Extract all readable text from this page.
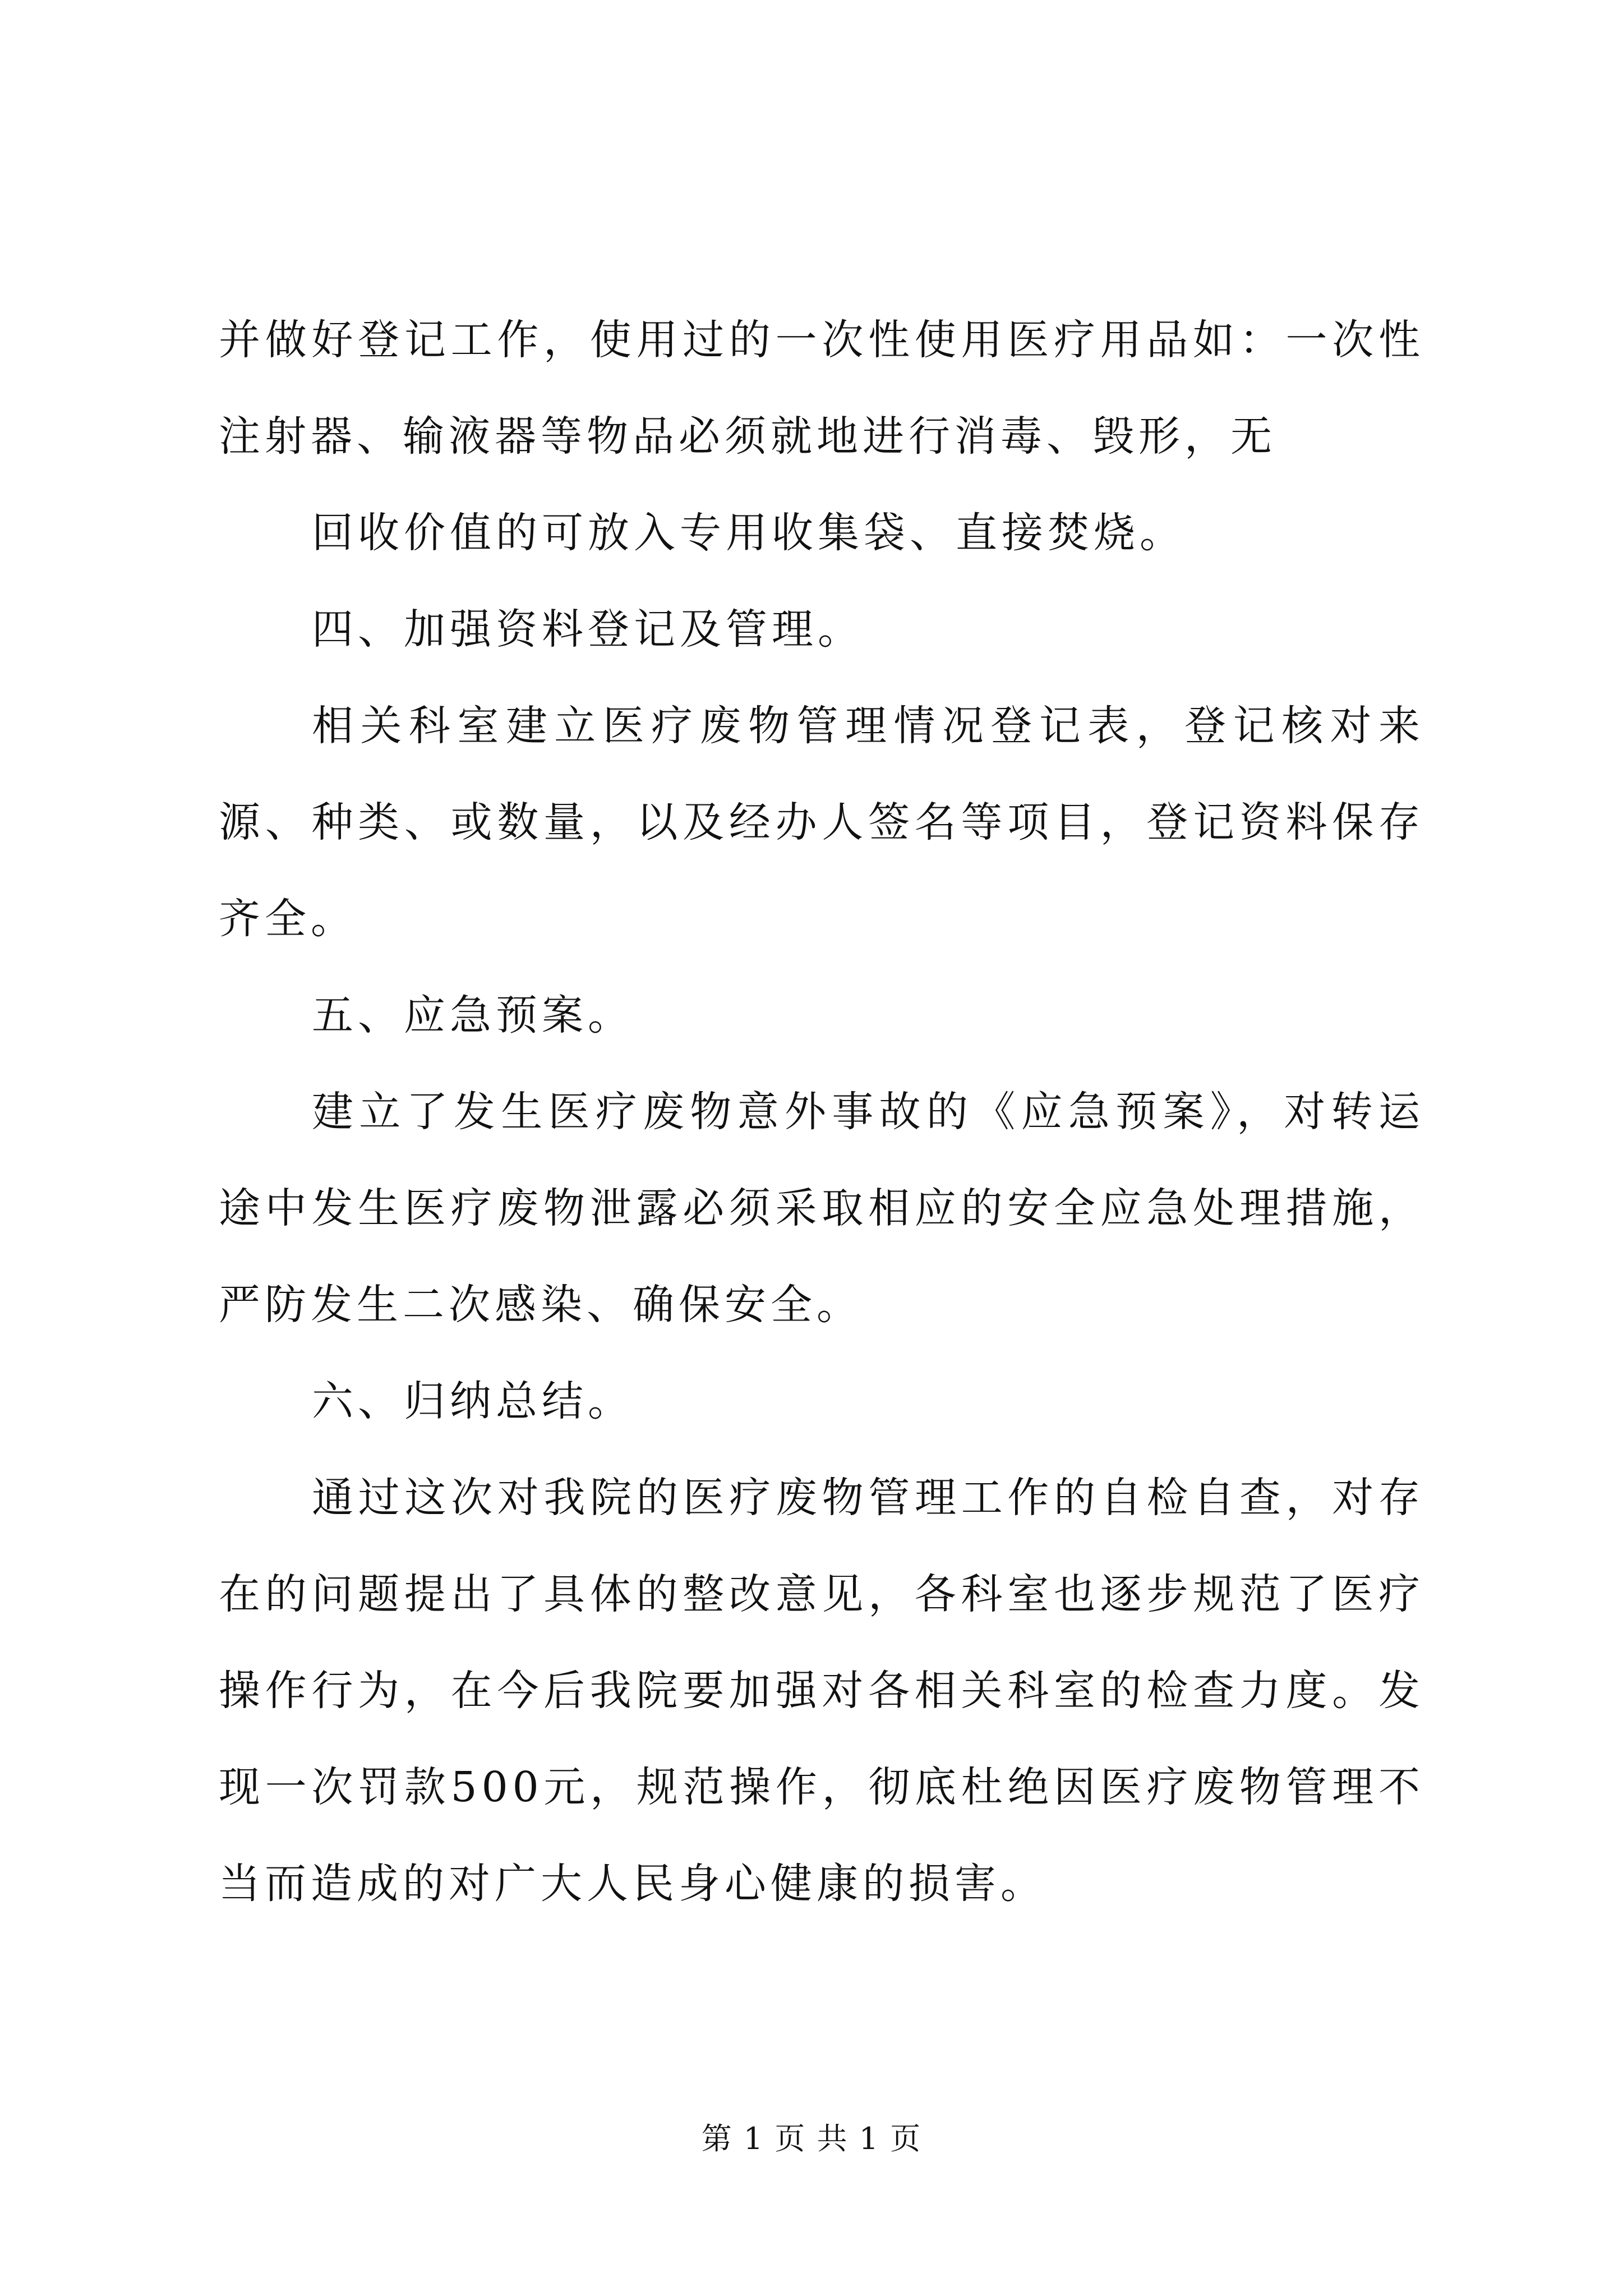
并做好登记工作，使用过的一次性使用医疗用品如：一次性注射器、输液器等物品必须就地进行消毒、毁形，无

回收价值的可放入专用收集袋、直接焚烧。

四、加强资料登记及管理。

相关科室建立医疗废物管理情况登记表，登记核对来源、种类、或数量，以及经办人签名等项目，登记资料保存齐全。

五、应急预案。

建立了发生医疗废物意外事故的《应急预案》，对转运途中发生医疗废物泄露必须采取相应的安全应急处理措施，严防发生二次感染、确保安全。

六、归纳总结。

通过这次对我院的医疗废物管理工作的自检自查，对存在的问题提出了具体的整改意见，各科室也逐步规范了医疗操作行为，在今后我院要加强对各相关科室的检查力度。发现一次罚款500元，规范操作，彻底杜绝因医疗废物管理不当而造成的对广大人民身心健康的损害。

第 1 页 共 1 页
